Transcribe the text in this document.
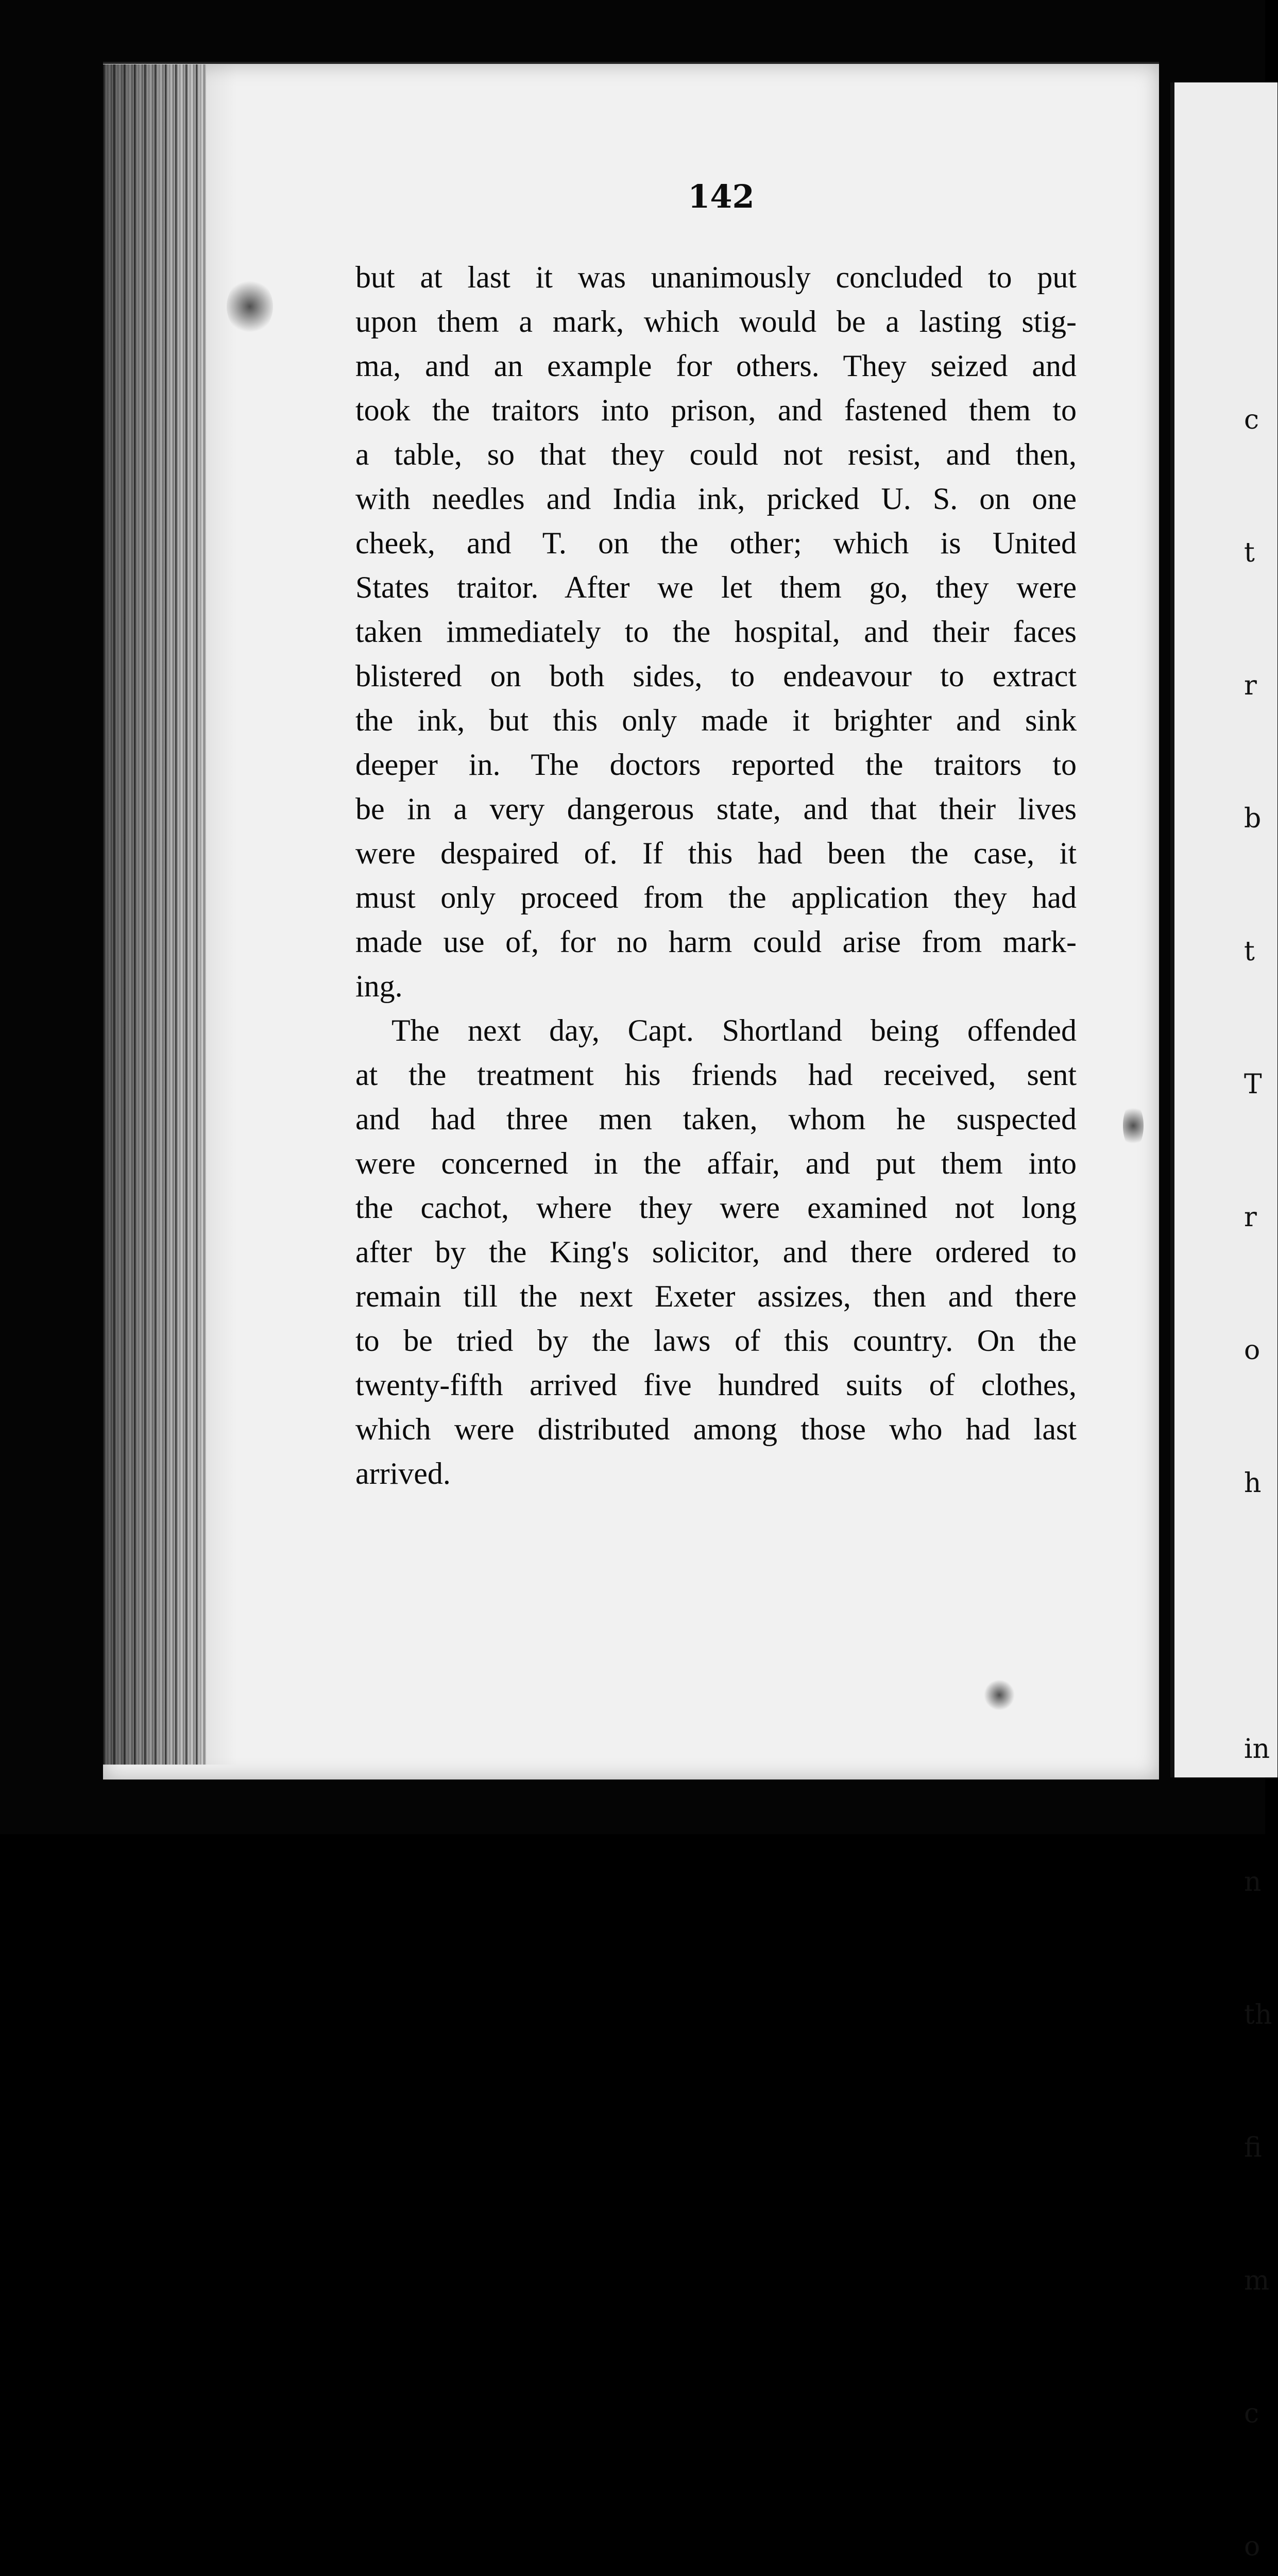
c

t

r

b

t

T

r

o

h

in

n

th

fi

m

c

o

142
but at last it was unanimously concluded to put
upon them a mark, which would be a lasting stig-
ma, and an example for others. They seized and
took the traitors into prison, and fastened them to
a table, so that they could not resist, and then,
with needles and India ink, pricked U. S. on one
cheek, and T. on the other; which is United
States traitor. After we let them go, they were
taken immediately to the hospital, and their faces
blistered on both sides, to endeavour to extract
the ink, but this only made it brighter and sink
deeper in. The doctors reported the traitors to
be in a very dangerous state, and that their lives
were despaired of. If this had been the case, it
must only proceed from the application they had
made use of, for no harm could arise from mark-
ing.
The next day, Capt. Shortland being offended
at the treatment his friends had received, sent
and had three men taken, whom he suspected
were concerned in the affair, and put them into
the cachot, where they were examined not long
after by the King's solicitor, and there ordered to
remain till the next Exeter assizes, then and there
to be tried by the laws of this country. On the
twenty-fifth arrived five hundred suits of clothes,
which were distributed among those who had last
arrived.
